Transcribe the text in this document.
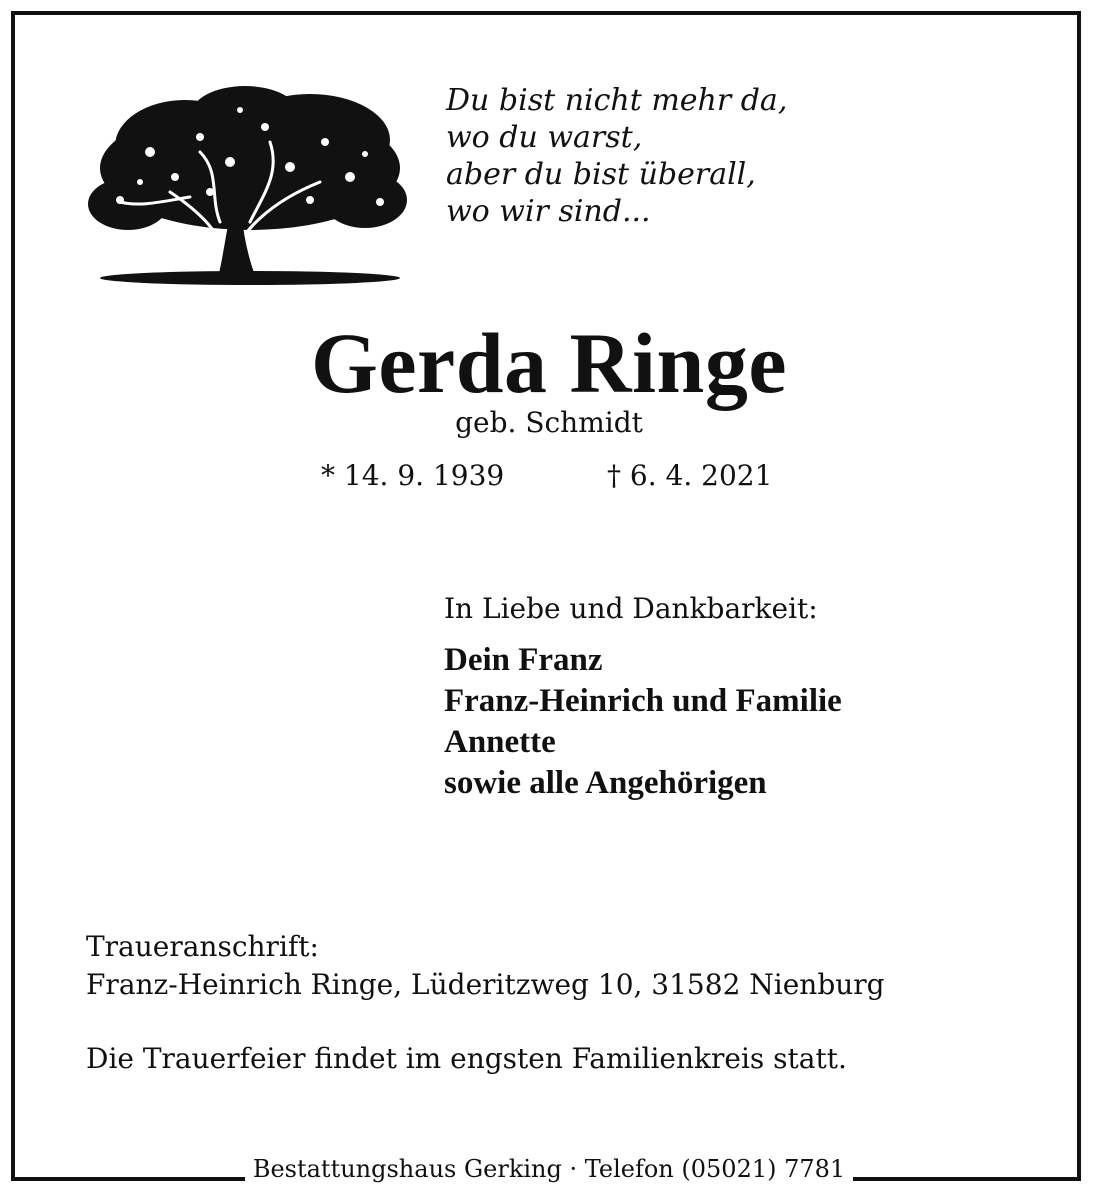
Du bist nicht mehr da,
wo du warst,
aber du bist überall,
wo wir sind...
Gerda Ringe
geb. Schmidt
* 14. 9. 1939	† 6. 4. 2021
In Liebe und Dankbarkeit:
Dein Franz
Franz-Heinrich und Familie
Annette
sowie alle Angehörigen
Traueranschrift:
Franz-Heinrich Ringe, Lüderitzweg 10, 31582 Nienburg
Die Trauerfeier findet im engsten Familienkreis statt.
Bestattungshaus Gerking · Telefon (05021) 7781
